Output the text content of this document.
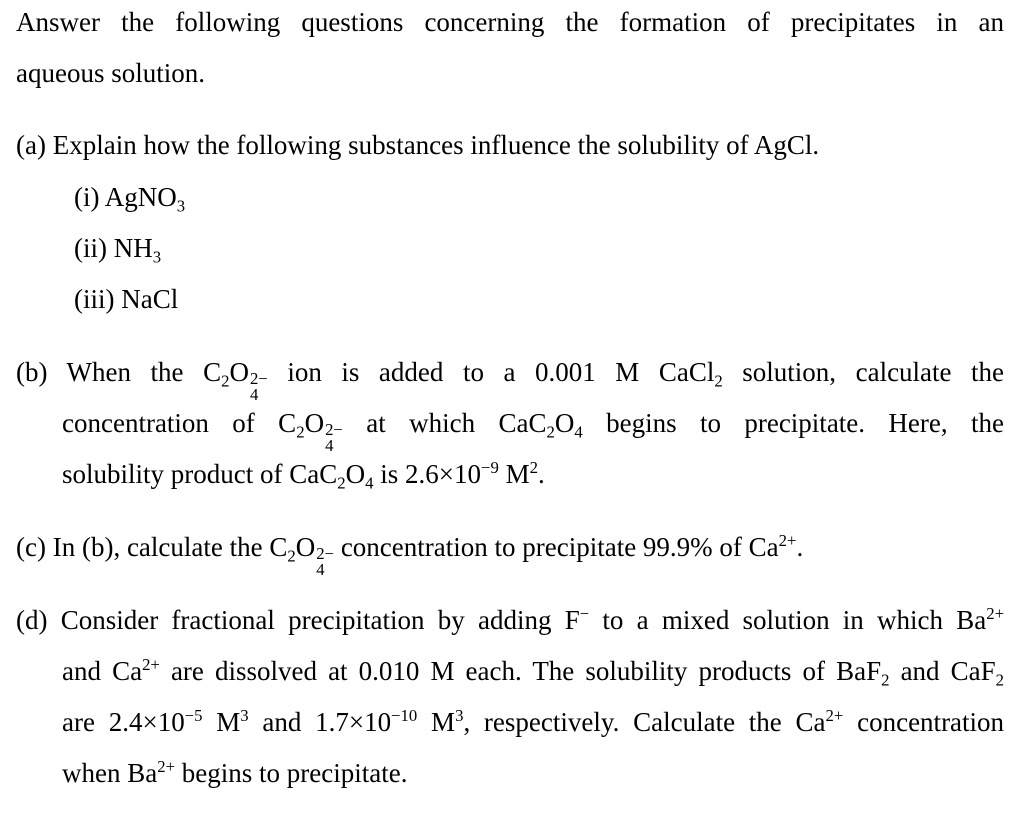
Answer the following questions concerning the formation of precipitates in an
aqueous solution.
(a) Explain how the following substances influence the solubility of AgCl.
(i) AgNO$_3$
(ii) $NH_3$
(iii) NaCl
(b) When the $C_2O$ 2−
4
ion is added to a 0.001 M CaCl$_2$ solution, calculate the
concentration of $C_2O$ 2−
4
at which $CaC_2O_4$ begins to precipitate. Here, the
solubility product of $CaC_2O_4$ is $2.6\times 10^{-9}$ $M^2$.
(c) In (b), calculate the $C_2O$ 2−
4
concentration to precipitate 99.9% of $Ca^{2+}$.
(d) Consider fractional precipitation by adding F− to a mixed solution in which $Ba^{2+}$
and $Ca^{2+}$ are dissolved at 0.010 M each. The solubility products of BaF$_2$ and CaF$_2$
are $2.4\times 10^{-5}$ $M^3$ and $1.7\times 10^{-10}$ $M^3$, respectively. Calculate the $Ca^{2+}$ concentration
when $Ba^{2+}$ begins to precipitate.
